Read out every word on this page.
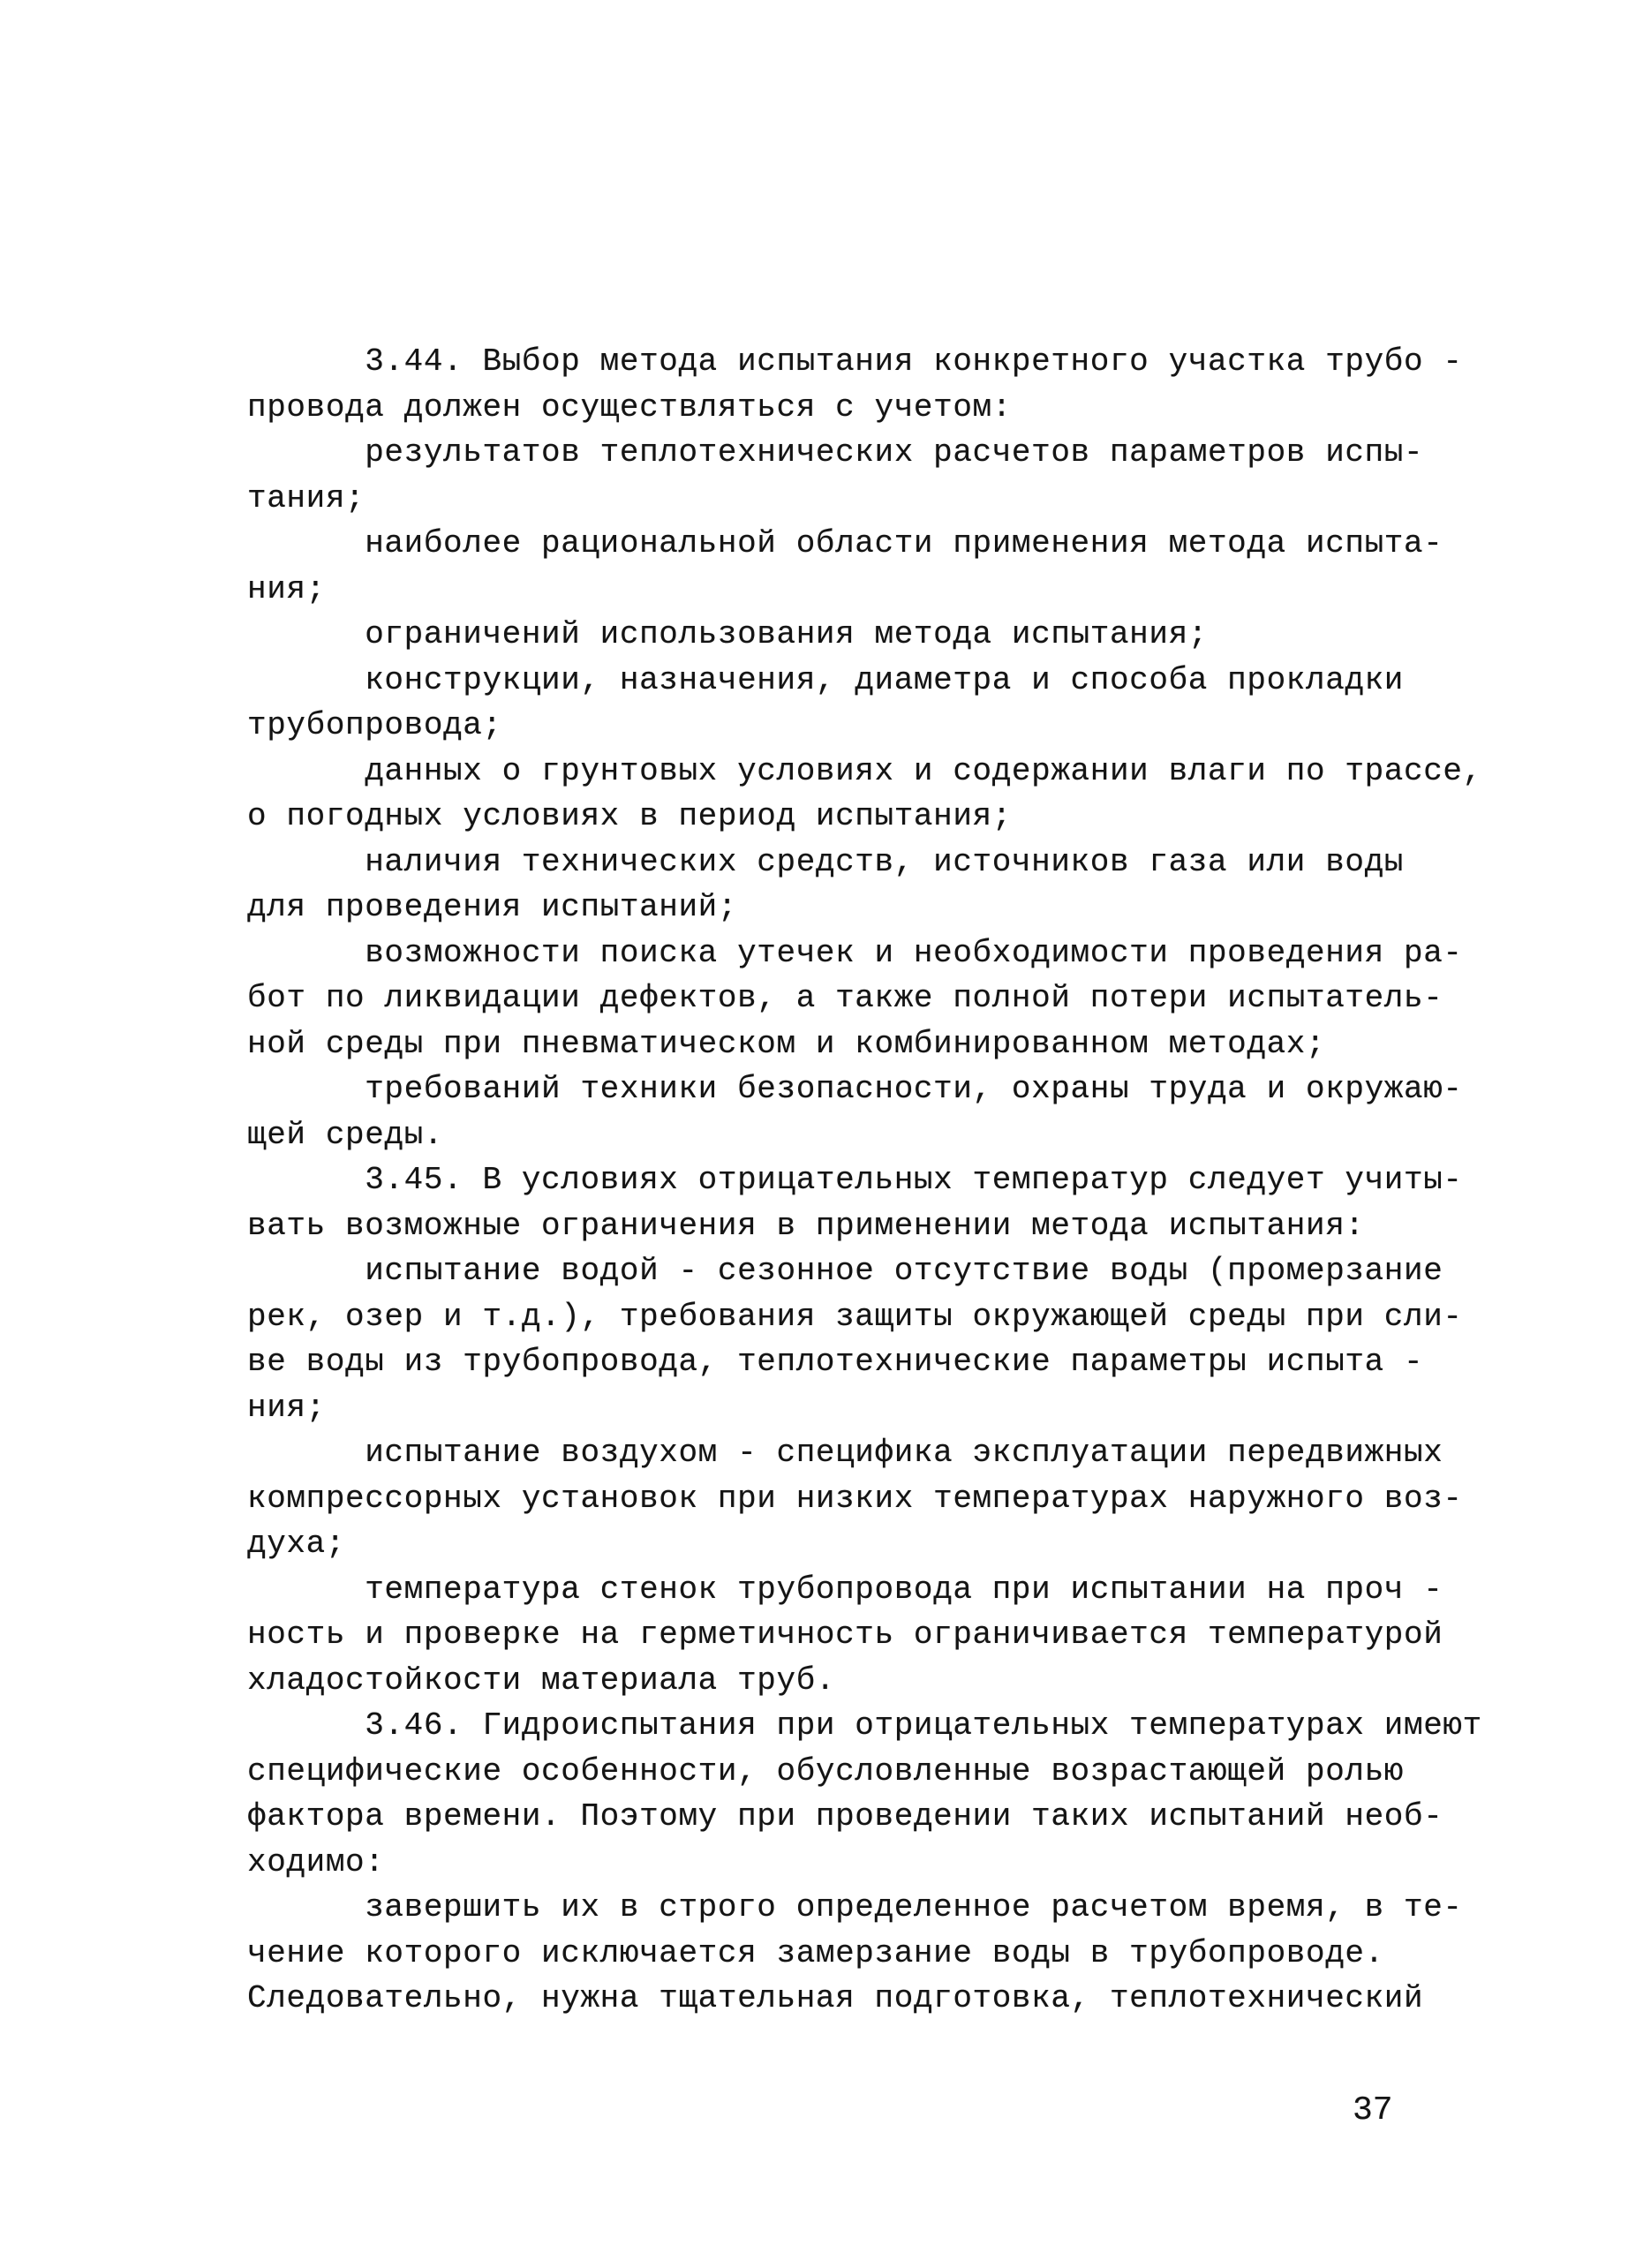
3.44. Выбор метода испытания конкретного участка трубо -
провода должен осуществляться с учетом:
результатов теплотехнических расчетов параметров испы-
тания;
наиболее рациональной области применения метода испыта-
ния;
ограничений использования метода испытания;
конструкции, назначения, диаметра и способа прокладки
трубопровода;
данных о грунтовых условиях и содержании влаги по трассе,
о погодных условиях в период испытания;
наличия технических средств, источников газа или воды
для проведения испытаний;
возможности поиска утечек и необходимости проведения ра-
бот по ликвидации дефектов, а также полной потери испытатель-
ной среды при пневматическом и комбинированном методах;
требований техники безопасности, охраны труда и окружаю-
щей среды.
3.45. В условиях отрицательных температур следует учиты-
вать возможные ограничения в применении метода испытания:
испытание водой - сезонное отсутствие воды (промерзание
рек, озер и т.д.), требования защиты окружающей среды при сли-
ве воды из трубопровода, теплотехнические параметры испыта -
ния;
испытание воздухом - специфика эксплуатации передвижных
компрессорных установок при низких температурах наружного воз-
духа;
температура стенок трубопровода при испытании на проч -
ность и проверке на герметичность ограничивается температурой
хладостойкости материала труб.
3.46. Гидроиспытания при отрицательных температурах имеют
специфические особенности, обусловленные возрастающей ролью
фактора времени. Поэтому при проведении таких испытаний необ-
ходимо:
завершить их в строго определенное расчетом время, в те-
чение которого исключается замерзание воды в трубопроводе.
Следовательно, нужна тщательная подготовка, теплотехнический
37
